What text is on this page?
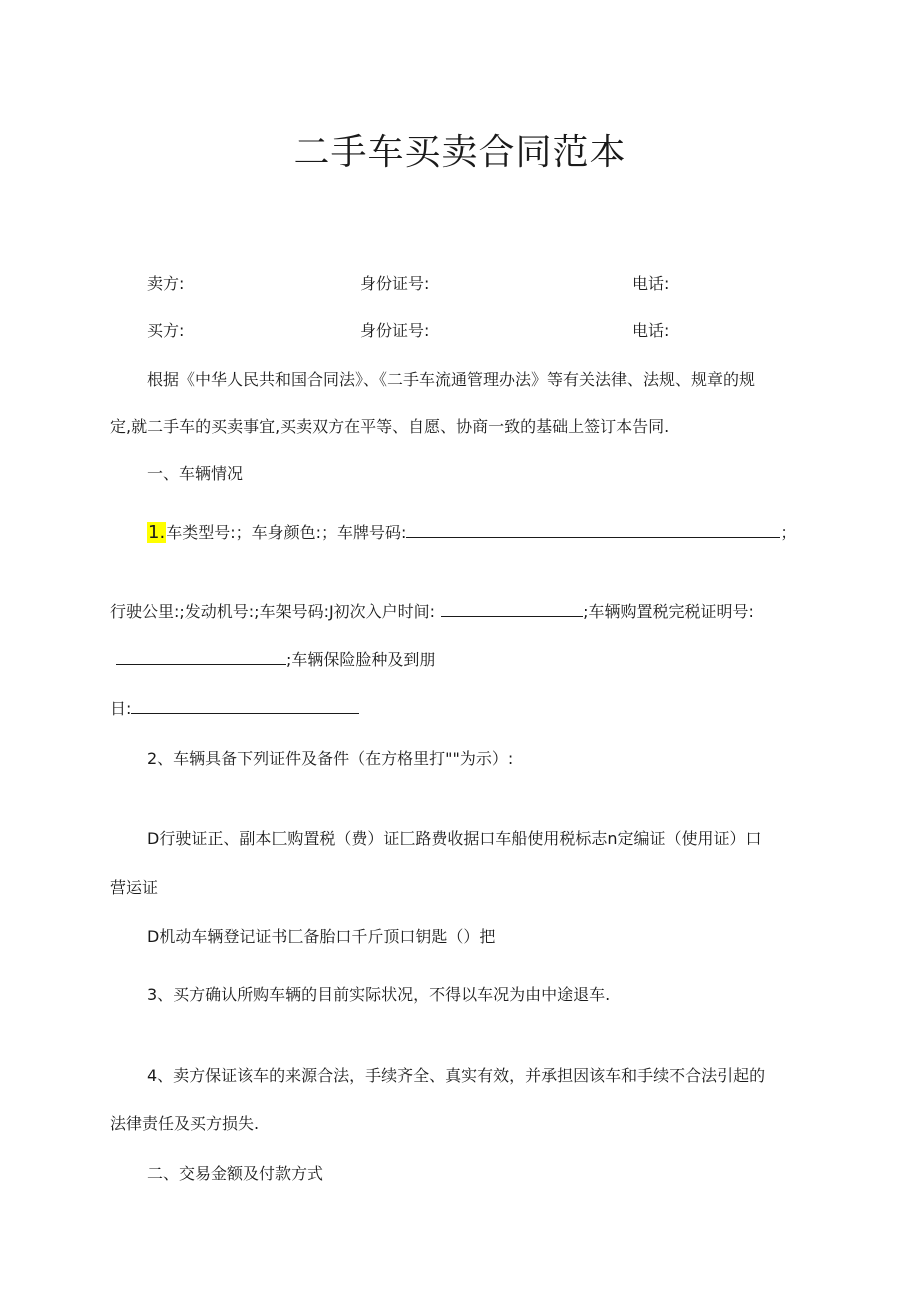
二手车买卖合同范本
卖方:	身份证号:	电话:
买方:	身份证号:	电话:
根据《中华人民共和国合同法》、《二手车流通管理办法》等有关法律、法规、规章的规
定,就二手车的买卖事宜,买卖双方在平等、自愿、协商一致的基础上签订本告同.
一、车辆情况
1.车类型号:；车身颜色:；车牌号码:	；
行驶公里:;发动机号:;车架号码:J初次入户时间:	;车辆购置税完税证明号:
;车辆保险脸种及到朋
日:
2、车辆具备下列证件及备件（在方格里打""为示）:
D行驶证正、副本匚购置税（费）证匚路费收据口车船使用税标志n定编证（使用证）口
营运证
D机动车辆登记证书匚备胎口千斤顶口钥匙（）把
3、买方确认所购车辆的目前实际状况，不得以车况为由中途退车.
4、卖方保证该车的来源合法，手续齐全、真实有效，并承担因该车和手续不合法引起的
法律责任及买方损失.
二、交易金额及付款方式
